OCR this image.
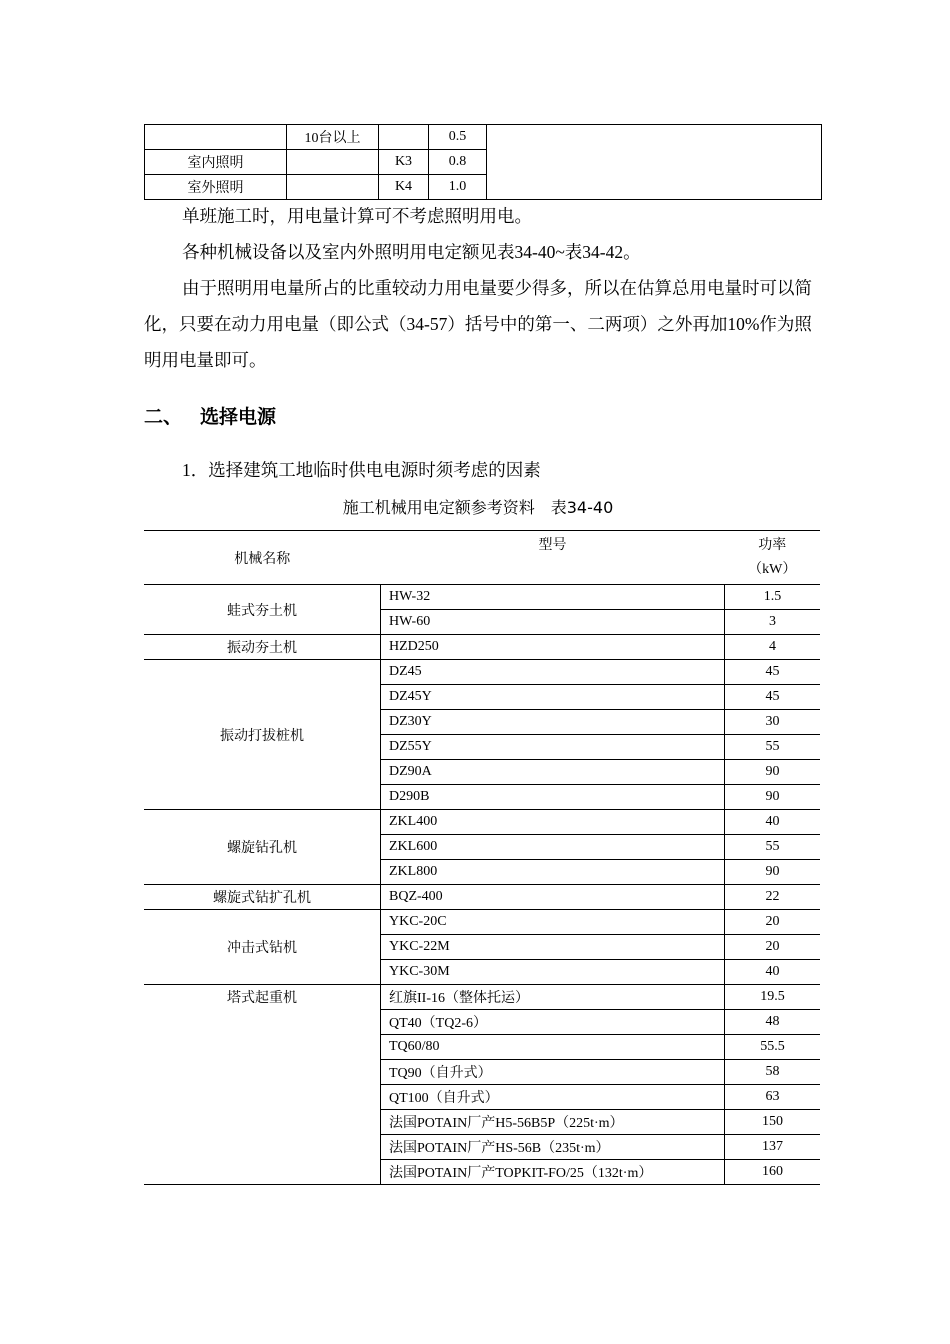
	10台以上		0.5	
室内照明		K3	0.8	
室外照明		K4	1.0	

单班施工时，用电量计算可不考虑照明用电。

各种机械设备以及室内外照明用电定额见表34-40~表34-42。

由于照明用电量所占的比重较动力用电量要少得多，所以在估算总用电量时可以简化，只要在动力用电量（即公式（34-57）括号中的第一、二两项）之外再加10%作为照明用电量即可。

二、 选择电源

1．选择建筑工地临时供电电源时须考虑的因素

施工机械用电定额参考资料　表34-40

机械名称	型号	功率
（kW）
蛙式夯土机	HW-32	1.5
	HW-60	3
振动夯土机	HZD250	4
振动打拔桩机	DZ45	45
	DZ45Y	45
	DZ30Y	30
	DZ55Y	55
	DZ90A	90
	D290B	90
螺旋钻孔机	ZKL400	40
	ZKL600	55
	ZKL800	90
螺旋式钻扩孔机	BQZ-400	22
冲击式钻机	YKC-20C	20
	YKC-22M	20
	YKC-30M	40
塔式起重机	红旗II-16（整体托运）	19.5
	QT40（TQ2-6）	48
	TQ60/80	55.5
	TQ90（自升式）	58
	QT100（自升式）	63
	法国POTAIN厂产H5-56B5P（225t·m）	150
	法国POTAIN厂产HS-56B（235t·m）	137
	法国POTAIN厂产TOPKIT-FO/25（132t·m）	160
